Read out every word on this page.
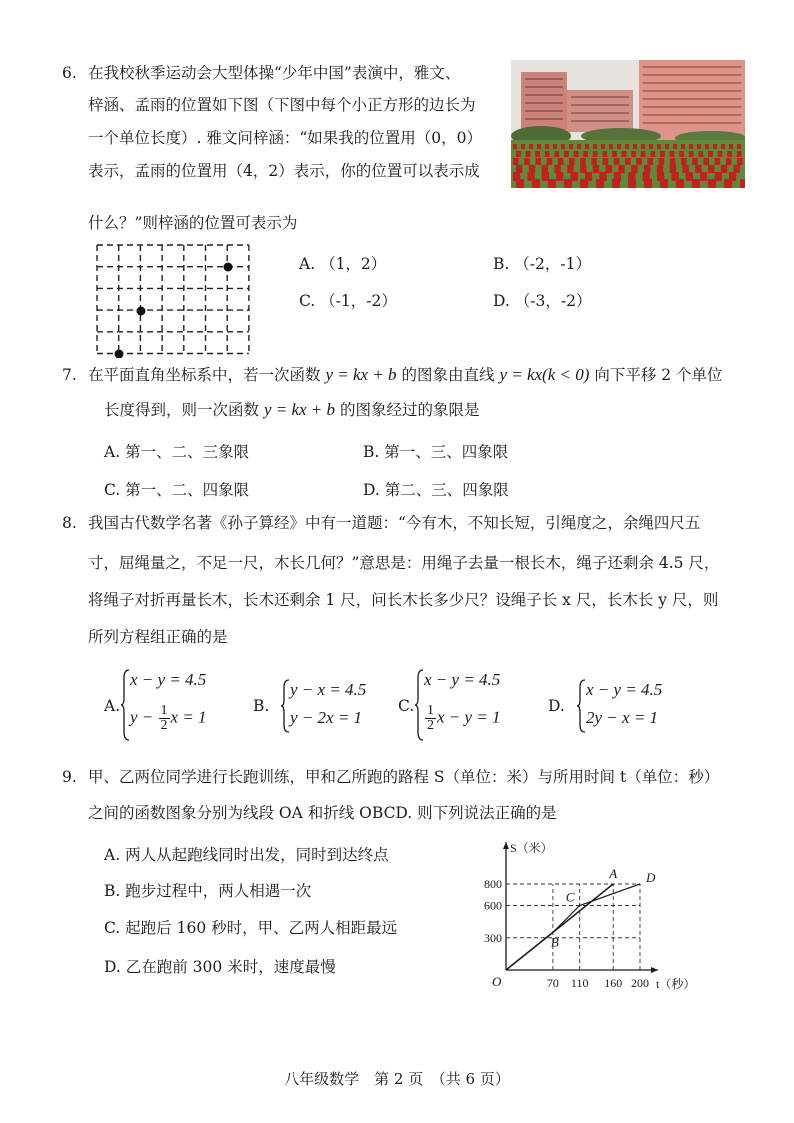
6. 在我校秋季运动会大型体操“少年中国”表演中，雅文、
梓涵、孟雨的位置如下图（下图中每个小正方形的边长为
一个单位长度）. 雅文问梓涵：“如果我的位置用（0，0）
表示，孟雨的位置用（4，2）表示，你的位置可以表示成
什么？”则梓涵的位置可表示为
A. （1，2）	B. （-2，-1）
C. （-1，-2）	D. （-3，-2）
7. 在平面直角坐标系中，若一次函数 y = kx + b 的图象由直线 y = kx(k < 0) 向下平移 2 个单位
长度得到，则一次函数 y = kx + b 的图象经过的象限是
A. 第一、二、三象限	B. 第一、三、四象限
C. 第一、二、四象限	D. 第二、三、四象限
8. 我国古代数学名著《孙子算经》中有一道题：“今有木，不知长短，引绳度之，余绳四尺五
寸，屈绳量之，不足一尺，木长几何？”意思是：用绳子去量一根长木，绳子还剩余 4.5 尺，
将绳子对折再量长木，长木还剩余 1 尺，问长木长多少尺？设绳子长 x 尺，长木长 y 尺，则
所列方程组正确的是
A.
x − y = 4.5
$y - \frac{1}{2}$ x = 1
B.
y − x = 4.5
y − 2x = 1
C.
x − y = 4.5
$\frac{1}{2}$ x − y = 1
D.
x − y = 4.5
2y − x = 1
9. 甲、乙两位同学进行长跑训练，甲和乙所跑的路程 S（单位：米）与所用时间 t（单位：秒）
之间的函数图象分别为线段 OA 和折线 OBCD. 则下列说法正确的是
A. 两人从起跑线同时出发，同时到达终点
B. 跑步过程中，两人相遇一次
C. 起跑后 160 秒时，甲、乙两人相距最远
D. 乙在跑前 300 米时，速度最慢
70 110 160 200
300
600
800
S（米）
t（秒）
O
A
B
C
D
八年级数学　第 2 页　（共 6 页）
